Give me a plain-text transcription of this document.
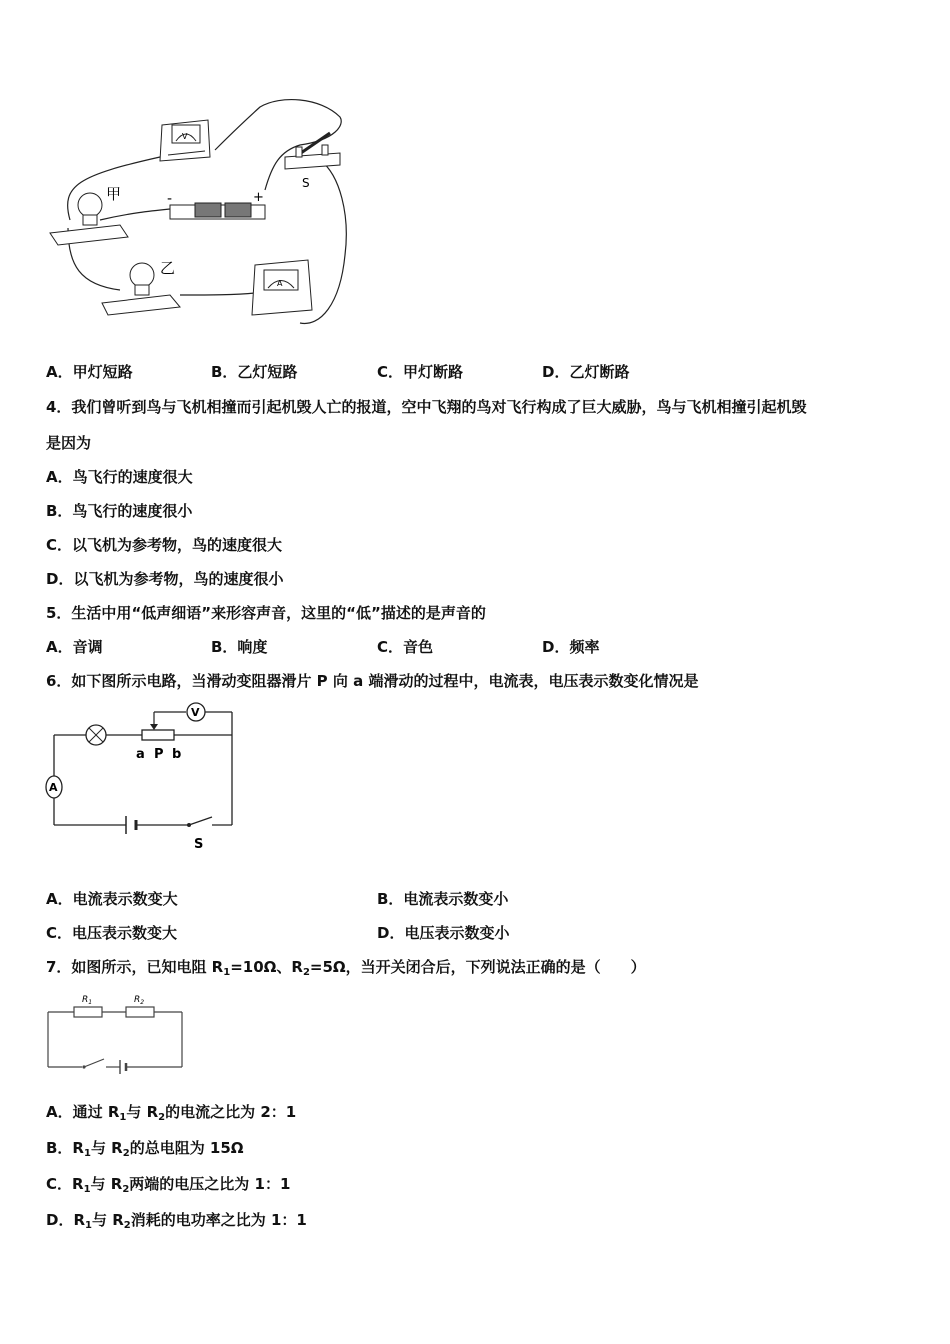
V
S
-	+
甲
乙
A
A．甲灯短路	B．乙灯短路	C．甲灯断路	D．乙灯断路
4．我们曾听到鸟与飞机相撞而引起机毁人亡的报道，空中飞翔的鸟对飞行构成了巨大威胁，鸟与飞机相撞引起机毁
是因为
A．鸟飞行的速度很大
B．鸟飞行的速度很小
C．以飞机为参考物，鸟的速度很大
D．以飞机为参考物，鸟的速度很小
5．生活中用“低声细语”来形容声音，这里的“低”描述的是声音的
A．音调	B．响度	C．音色	D．频率
6．如下图所示电路，当滑动变阻器滑片 P 向 a 端滑动的过程中，电流表，电压表示数变化情况是
a P b
V
A
S
A．电流表示数变大	B．电流表示数变小
C．电压表示数变大	D．电压表示数变小
7．如图所示，已知电阻 $R_1=10\Omega$、$R_2=5\Omega$，当开关闭合后，下列说法正确的是（　　）
$R_1$	$R_2$
A．通过 $R_1$与 $R_2$的电流之比为 2：1
B．$R_1$与 $R_2$的总电阻为 15Ω
C．$R_1$与 $R_2$两端的电压之比为 1：1
D．$R_1$与 $R_2$消耗的电功率之比为 1：1
